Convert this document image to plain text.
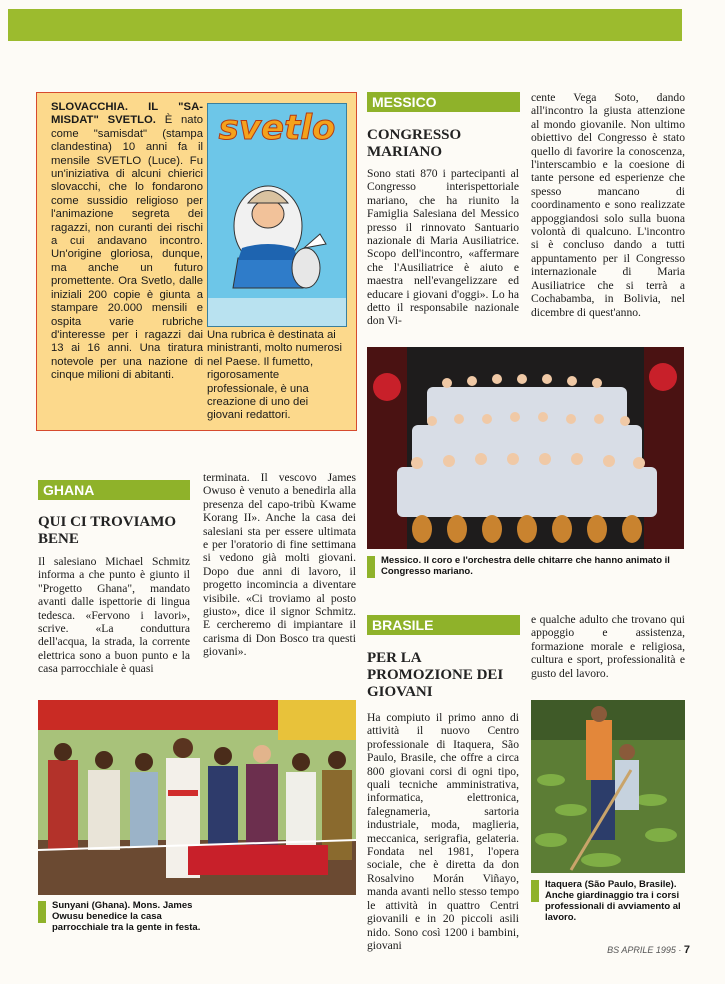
SLOVACCHIA. IL "SA-MISDAT" SVETLO. È nato come "samisdat" (stampa clandestina) 10 anni fa il mensile SVETLO (Luce). Fu un'iniziativa di alcuni chierici slovacchi, che lo fondarono come sussidio religioso per l'animazione segreta dei ragazzi, non curanti dei rischi a cui andavano incontro. Un'origine gloriosa, dunque, ma anche un futuro promettente. Ora Svetlo, dalle iniziali 200 copie è giunta a stampare 20.000 mensili e ospita varie rubriche d'interesse per i ragazzi dai 13 ai 16 anni. Una tiratura notevole per una nazione di cinque milioni di abitanti.
svetlo
Una rubrica è destinata ai ministranti, molto numerosi nel Paese. Il fumetto, rigorosamente professionale, è una creazione di uno dei giovani redattori.
MESSICO
CONGRESSO MARIANO
Sono stati 870 i partecipanti al Congresso interispettoriale mariano, che ha riunito la Famiglia Salesiana del Messico presso il rinnovato Santuario nazionale di Maria Ausiliatrice. Scopo dell'incontro, «affermare che l'Ausiliatrice è aiuto e maestra nell'evangelizzare ed educare i giovani d'oggi». Lo ha detto il responsabile nazionale don Vi-
cente Vega Soto, dando all'incontro la giusta attenzione al mondo giovanile. Non ultimo obiettivo del Congresso è stato quello di favorire la conoscenza, l'interscambio e la coesione di tante persone ed esperienze che spesso mancano di coordinamento e sono realizzate appoggiandosi solo sulla buona volontà di qualcuno. L'incontro si è concluso dando a tutti appuntamento per il Congresso internazionale di Maria Ausiliatrice che si terrà a Cochabamba, in Bolivia, nel dicembre di quest'anno.
Messico. Il coro e l'orchestra delle chitarre che hanno animato il Congresso mariano.
GHANA
QUI CI TROVIAMO BENE
Il salesiano Michael Schmitz informa a che punto è giunto il "Progetto Ghana", mandato avanti dalle ispettorie di lingua tedesca. «Fervono i lavori», scrive. «La conduttura dell'acqua, la strada, la corrente elettrica sono a buon punto e la casa parrocchiale è quasi
terminata. Il vescovo James Owuso è venuto a benedirla alla presenza del capo-tribù Kwame Korang II». Anche la casa dei salesiani sta per essere ultimata e per l'oratorio di fine settimana si vedono già molti giovani. Dopo due anni di lavoro, il progetto incomincia a diventare visibile. «Ci troviamo al posto giusto», dice il signor Schmitz. E cercheremo di impiantare il carisma di Don Bosco tra questi giovani».
Sunyani (Ghana). Mons. James Owusu benedice la casa parrocchiale tra la gente in festa.
BRASILE
PER LA PROMOZIONE DEI GIOVANI
Ha compiuto il primo anno di attività il nuovo Centro professionale di Itaquera, São Paulo, Brasile, che offre a circa 800 giovani corsi di ogni tipo, quali tecniche amministrativa, informatica, elettronica, falegnameria, sartoria industriale, moda, maglieria, meccanica, serigrafia, gelateria. Fondata nel 1981, l'opera sociale, che è diretta da don Rosalvino Morán Viñayo, manda avanti nello stesso tempo le attività in quattro Centri giovanili e in 20 piccoli asili nido. Sono così 1200 i bambini, giovani
e qualche adulto che trovano qui appoggio e assistenza, formazione morale e religiosa, cultura e sport, professionalità e gusto del lavoro.
Itaquera (São Paulo, Brasile). Anche giardinaggio tra i corsi professionali di avviamento al lavoro.
BS APRILE 1995 · 7
